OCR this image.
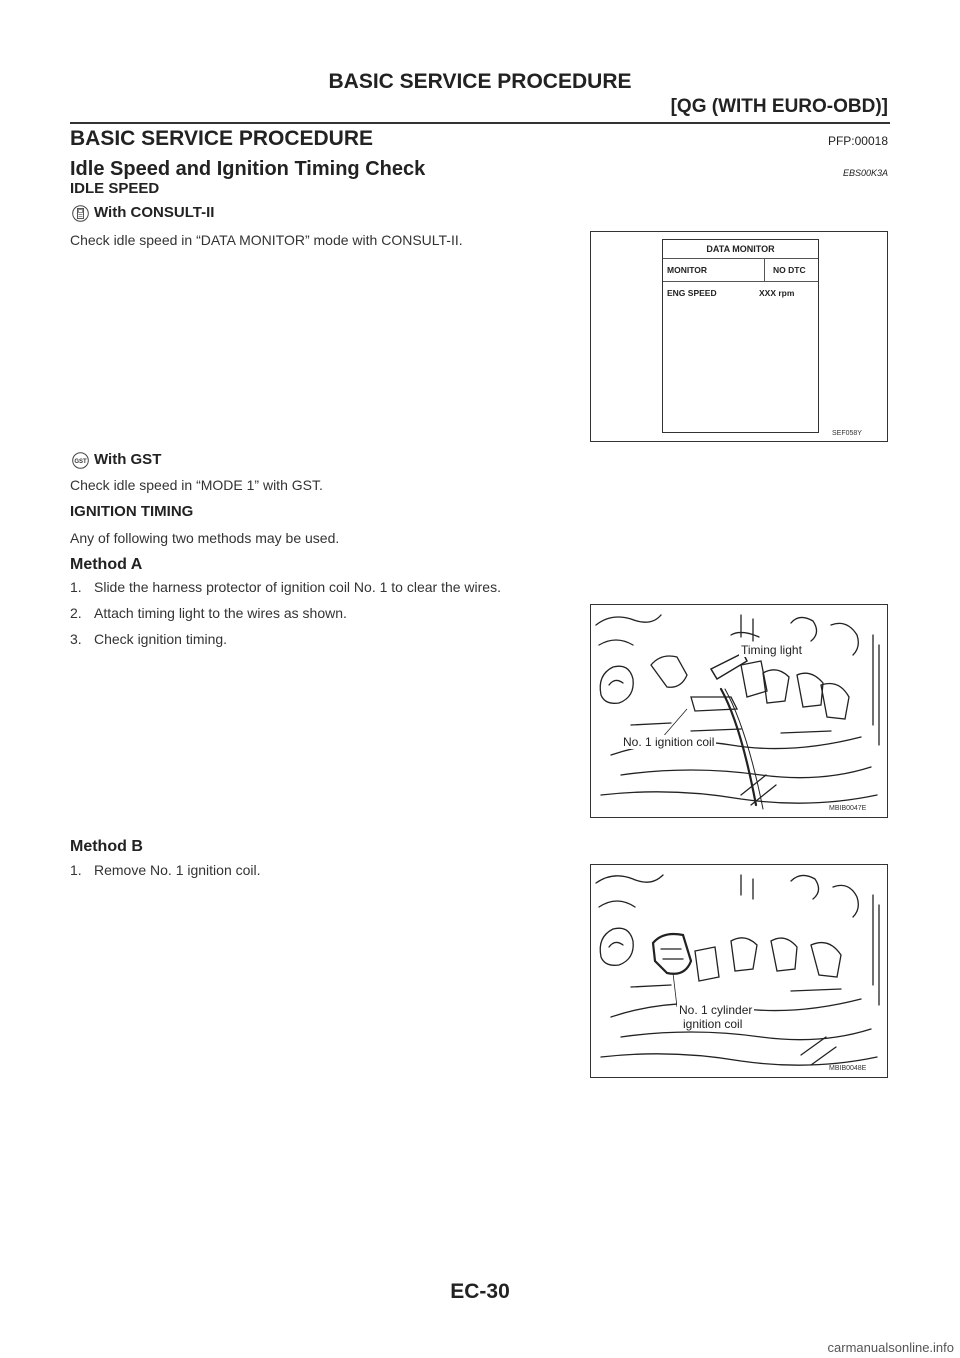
BASIC SERVICE PROCEDURE
[QG (WITH EURO-OBD)]
BASIC SERVICE PROCEDURE	PFP:00018
Idle Speed and Ignition Timing Check	EBS00K3A
IDLE SPEED
With CONSULT-II
Check idle speed in “DATA MONITOR” mode with CONSULT-II.
DATA MONITOR
MONITOR	NO DTC
ENG SPEED	XXX rpm
SEF058Y
GST With GST
Check idle speed in “MODE 1” with GST.
IGNITION TIMING
Any of following two methods may be used.
Method A
1. Slide the harness protector of ignition coil No. 1 to clear the wires.
2. Attach timing light to the wires as shown.
3. Check ignition timing.
Timing light
No. 1 ignition coil
MBIB0047E
Method B
1. Remove No. 1 ignition coil.
No. 1 cylinder
ignition coil
MBIB0048E
EC-30
carmanualsonline.info
